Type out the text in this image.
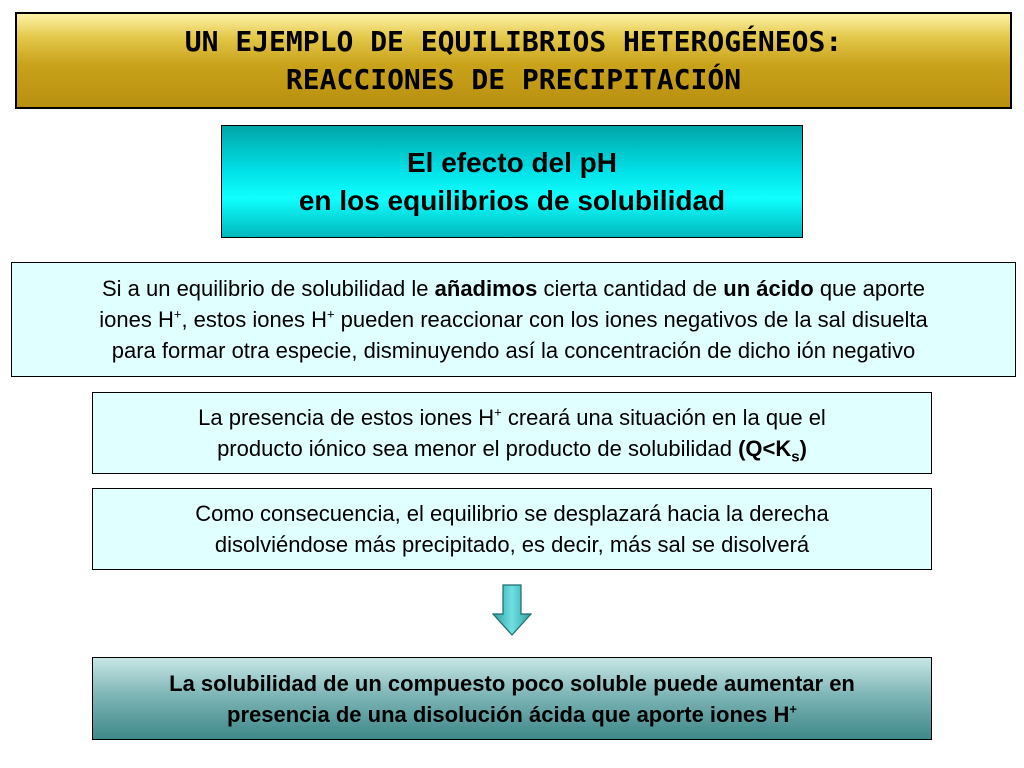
UN EJEMPLO DE EQUILIBRIOS HETEROGÉNEOS:
REACCIONES DE PRECIPITACIÓN
El efecto del pH
en los equilibrios de solubilidad
Si a un equilibrio de solubilidad le añadimos cierta cantidad de un ácido que aporte
iones H+, estos iones H+ pueden reaccionar con los iones negativos de la sal disuelta
para formar otra especie, disminuyendo así la concentración de dicho ión negativo
La presencia de estos iones H+ creará una situación en la que el
producto iónico sea menor el producto de solubilidad $(Q<K_s)$
Como consecuencia, el equilibrio se desplazará hacia la derecha
disolviéndose más precipitado, es decir, más sal se disolverá
La solubilidad de un compuesto poco soluble puede aumentar en
presencia de una disolución ácida que aporte iones H+
